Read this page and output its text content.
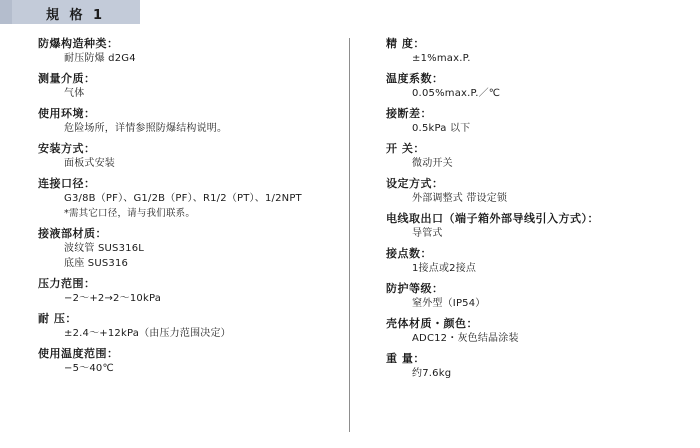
規 格 1
防爆构造种类：
耐压防爆 d2G4
测量介质：
气体
使用环境：
危险场所，详情参照防爆结构说明。
安装方式：
面板式安装
连接口径：
G3/8B（PF）、G1/2B（PF）、R1/2（PT）、1/2NPT
*需其它口径，请与我们联系。
接液部材质：
波纹管 SUS316L
底座 SUS316
压力范围：
−2～+2→2～10kPa
耐 压：
±2.4～+12kPa（由压力范围决定）
使用温度范围：
−5～40℃
精 度：
±1%max.P.
温度系数：
0.05%max.P.／℃
接断差：
0.5kPa 以下
开 关：
微动开关
设定方式：
外部调整式 带设定锁
电线取出口（端子箱外部导线引入方式）：
导管式
接点数：
1接点或2接点
防护等级：
窒外型（IP54）
壳体材质・颜色：
ADC12・灰色结晶涂装
重 量：
约7.6kg
